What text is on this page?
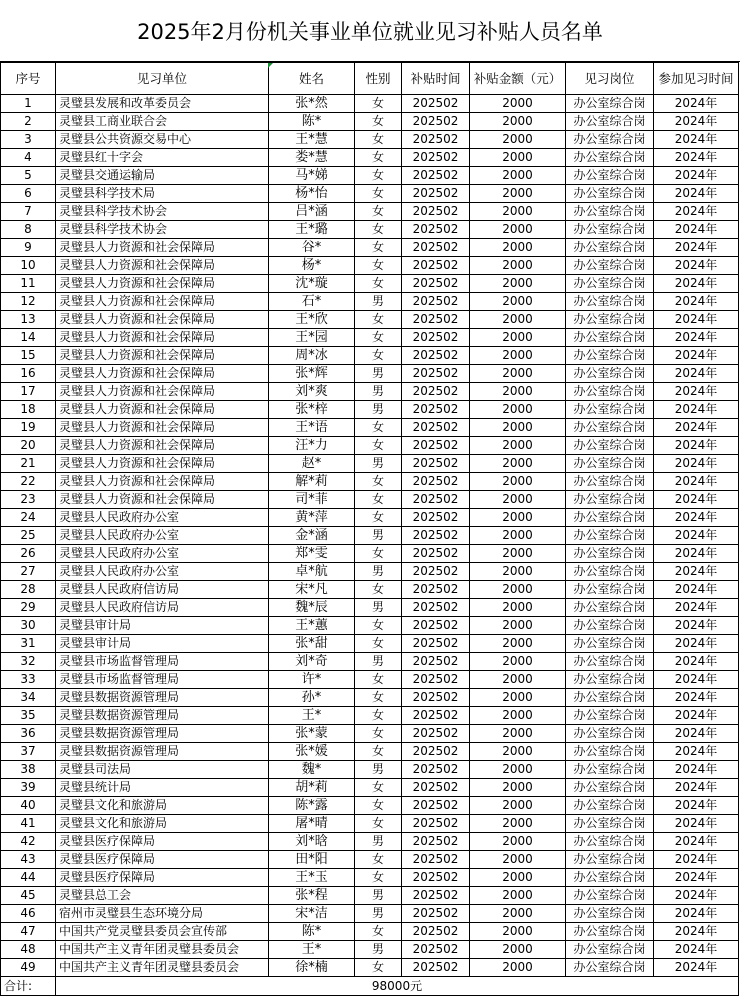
2025年2月份机关事业单位就业见习补贴人员名单
序号	见习单位	姓名	性别	补贴时间	补贴金额（元）	见习岗位	参加见习时间
1	灵璧县发展和改革委员会	张*然	女	202502	2000	办公室综合岗	2024年
2	灵璧县工商业联合会	陈*	女	202502	2000	办公室综合岗	2024年
3	灵璧县公共资源交易中心	王*慧	女	202502	2000	办公室综合岗	2024年
4	灵璧县红十字会	娄*慧	女	202502	2000	办公室综合岗	2024年
5	灵璧县交通运输局	马*娣	女	202502	2000	办公室综合岗	2024年
6	灵璧县科学技术局	杨*怡	女	202502	2000	办公室综合岗	2024年
7	灵璧县科学技术协会	吕*涵	女	202502	2000	办公室综合岗	2024年
8	灵璧县科学技术协会	王*璐	女	202502	2000	办公室综合岗	2024年
9	灵璧县人力资源和社会保障局	谷*	女	202502	2000	办公室综合岗	2024年
10	灵璧县人力资源和社会保障局	杨*	女	202502	2000	办公室综合岗	2024年
11	灵璧县人力资源和社会保障局	沈*璇	女	202502	2000	办公室综合岗	2024年
12	灵璧县人力资源和社会保障局	石*	男	202502	2000	办公室综合岗	2024年
13	灵璧县人力资源和社会保障局	王*欣	女	202502	2000	办公室综合岗	2024年
14	灵璧县人力资源和社会保障局	王*园	女	202502	2000	办公室综合岗	2024年
15	灵璧县人力资源和社会保障局	周*冰	女	202502	2000	办公室综合岗	2024年
16	灵璧县人力资源和社会保障局	张*辉	男	202502	2000	办公室综合岗	2024年
17	灵璧县人力资源和社会保障局	刘*爽	男	202502	2000	办公室综合岗	2024年
18	灵璧县人力资源和社会保障局	张*梓	男	202502	2000	办公室综合岗	2024年
19	灵璧县人力资源和社会保障局	王*语	女	202502	2000	办公室综合岗	2024年
20	灵璧县人力资源和社会保障局	汪*力	女	202502	2000	办公室综合岗	2024年
21	灵璧县人力资源和社会保障局	赵*	男	202502	2000	办公室综合岗	2024年
22	灵璧县人力资源和社会保障局	解*莉	女	202502	2000	办公室综合岗	2024年
23	灵璧县人力资源和社会保障局	司*菲	女	202502	2000	办公室综合岗	2024年
24	灵璧县人民政府办公室	黄*萍	女	202502	2000	办公室综合岗	2024年
25	灵璧县人民政府办公室	金*涵	男	202502	2000	办公室综合岗	2024年
26	灵璧县人民政府办公室	郑*雯	女	202502	2000	办公室综合岗	2024年
27	灵璧县人民政府办公室	卓*航	男	202502	2000	办公室综合岗	2024年
28	灵璧县人民政府信访局	宋*凡	女	202502	2000	办公室综合岗	2024年
29	灵璧县人民政府信访局	魏*辰	男	202502	2000	办公室综合岗	2024年
30	灵璧县审计局	王*蕙	女	202502	2000	办公室综合岗	2024年
31	灵璧县审计局	张*甜	女	202502	2000	办公室综合岗	2024年
32	灵璧县市场监督管理局	刘*奇	男	202502	2000	办公室综合岗	2024年
33	灵璧县市场监督管理局	许*	女	202502	2000	办公室综合岗	2024年
34	灵璧县数据资源管理局	孙*	女	202502	2000	办公室综合岗	2024年
35	灵璧县数据资源管理局	王*	女	202502	2000	办公室综合岗	2024年
36	灵璧县数据资源管理局	张*蒙	女	202502	2000	办公室综合岗	2024年
37	灵璧县数据资源管理局	张*媛	女	202502	2000	办公室综合岗	2024年
38	灵璧县司法局	魏*	男	202502	2000	办公室综合岗	2024年
39	灵璧县统计局	胡*莉	女	202502	2000	办公室综合岗	2024年
40	灵璧县文化和旅游局	陈*露	女	202502	2000	办公室综合岗	2024年
41	灵璧县文化和旅游局	屠*晴	女	202502	2000	办公室综合岗	2024年
42	灵璧县医疗保障局	刘*晗	男	202502	2000	办公室综合岗	2024年
43	灵璧县医疗保障局	田*阳	女	202502	2000	办公室综合岗	2024年
44	灵璧县医疗保障局	王*玉	女	202502	2000	办公室综合岗	2024年
45	灵璧县总工会	张*程	男	202502	2000	办公室综合岗	2024年
46	宿州市灵璧县生态环境分局	宋*洁	男	202502	2000	办公室综合岗	2024年
47	中国共产党灵璧县委员会宣传部	陈*	女	202502	2000	办公室综合岗	2024年
48	中国共产主义青年团灵璧县委员会	王*	男	202502	2000	办公室综合岗	2024年
49	中国共产主义青年团灵璧县委员会	徐*楠	女	202502	2000	办公室综合岗	2024年
合计:	98000元						
